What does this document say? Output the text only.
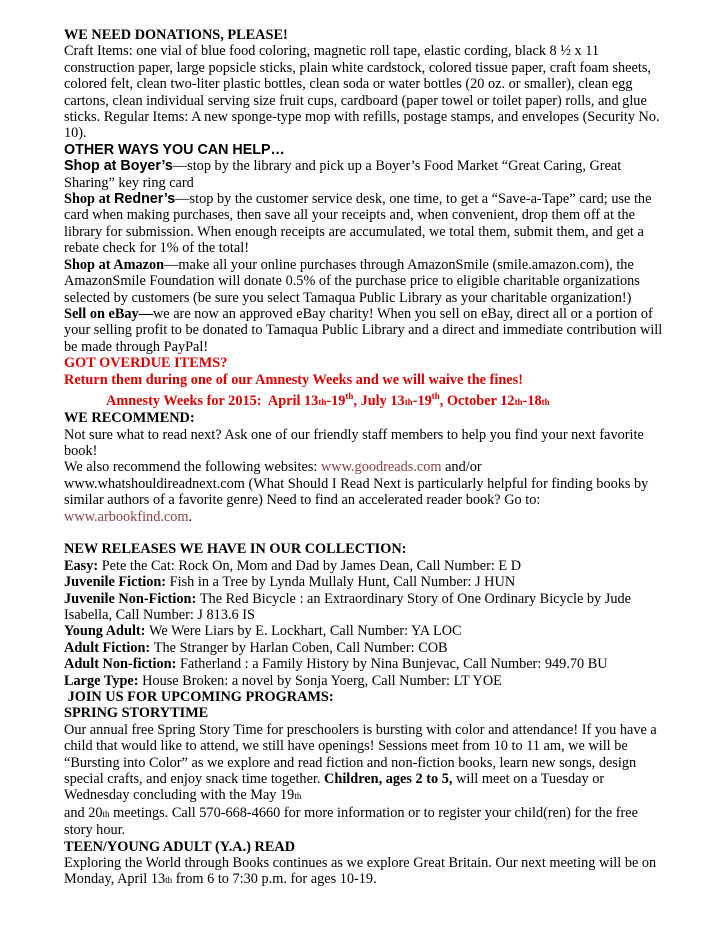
WE NEED DONATIONS, PLEASE!

Craft Items: one vial of blue food coloring, magnetic roll tape, elastic cording, black 8 ½ x 11 construction paper, large popsicle sticks, plain white cardstock, colored tissue paper, craft foam sheets, colored felt, clean two-liter plastic bottles, clean soda or water bottles (20 oz. or smaller), clean egg cartons, clean individual serving size fruit cups, cardboard (paper towel or toilet paper) rolls, and glue sticks. Regular Items: A new sponge-type mop with refills, postage stamps, and envelopes (Security No. 10).

OTHER WAYS YOU CAN HELP…

Shop at Boyer’s—stop by the library and pick up a Boyer’s Food Market “Great Caring, Great Sharing” key ring card

Shop at Redner’s—stop by the customer service desk, one time, to get a “Save-a-Tape” card; use the card when making purchases, then save all your receipts and, when convenient, drop them off at the library for submission. When enough receipts are accumulated, we total them, submit them, and get a rebate check for 1% of the total!

Shop at Amazon—make all your online purchases through AmazonSmile (smile.amazon.com), the AmazonSmile Foundation will donate 0.5% of the purchase price to eligible charitable organizations selected by customers (be sure you select Tamaqua Public Library as your charitable organization!)

Sell on eBay—we are now an approved eBay charity! When you sell on eBay, direct all or a portion of your selling profit to be donated to Tamaqua Public Library and a direct and immediate contribution will be made through PayPal!

GOT OVERDUE ITEMS?

Return them during one of our Amnesty Weeks and we will waive the fines!

Amnesty Weeks for 2015:  April 13th-19th, July 13th-19th, October 12th-18th

WE RECOMMEND:

Not sure what to read next? Ask one of our friendly staff members to help you find your next favorite book!

We also recommend the following websites: www.goodreads.com and/or www.whatshouldireadnext.com (What Should I Read Next is particularly helpful for finding books by similar authors of a favorite genre) Need to find an accelerated reader book? Go to: www.arbookfind.com.

NEW RELEASES WE HAVE IN OUR COLLECTION:

Easy: Pete the Cat: Rock On, Mom and Dad by James Dean, Call Number: E D

Juvenile Fiction: Fish in a Tree by Lynda Mullaly Hunt, Call Number: J HUN

Juvenile Non-Fiction: The Red Bicycle : an Extraordinary Story of One Ordinary Bicycle by Jude Isabella, Call Number: J 813.6 IS

Young Adult: We Were Liars by E. Lockhart, Call Number: YA LOC

Adult Fiction: The Stranger by Harlan Coben, Call Number: COB

Adult Non-fiction: Fatherland : a Family History by Nina Bunjevac, Call Number: 949.70 BU

Large Type: House Broken: a novel by Sonja Yoerg, Call Number: LT YOE

JOIN US FOR UPCOMING PROGRAMS:

SPRING STORYTIME

Our annual free Spring Story Time for preschoolers is bursting with color and attendance! If you have a child that would like to attend, we still have openings! Sessions meet from 10 to 11 am, we will be “Bursting into Color” as we explore and read fiction and non-fiction books, learn new songs, design special crafts, and enjoy snack time together. Children, ages 2 to 5, will meet on a Tuesday or Wednesday concluding with the May 19th
and 20th meetings. Call 570-668-4660 for more information or to register your child(ren) for the free story hour.

TEEN/YOUNG ADULT (Y.A.) READ

Exploring the World through Books continues as we explore Great Britain. Our next meeting will be on Monday, April 13th from 6 to 7:30 p.m. for ages 10-19.
